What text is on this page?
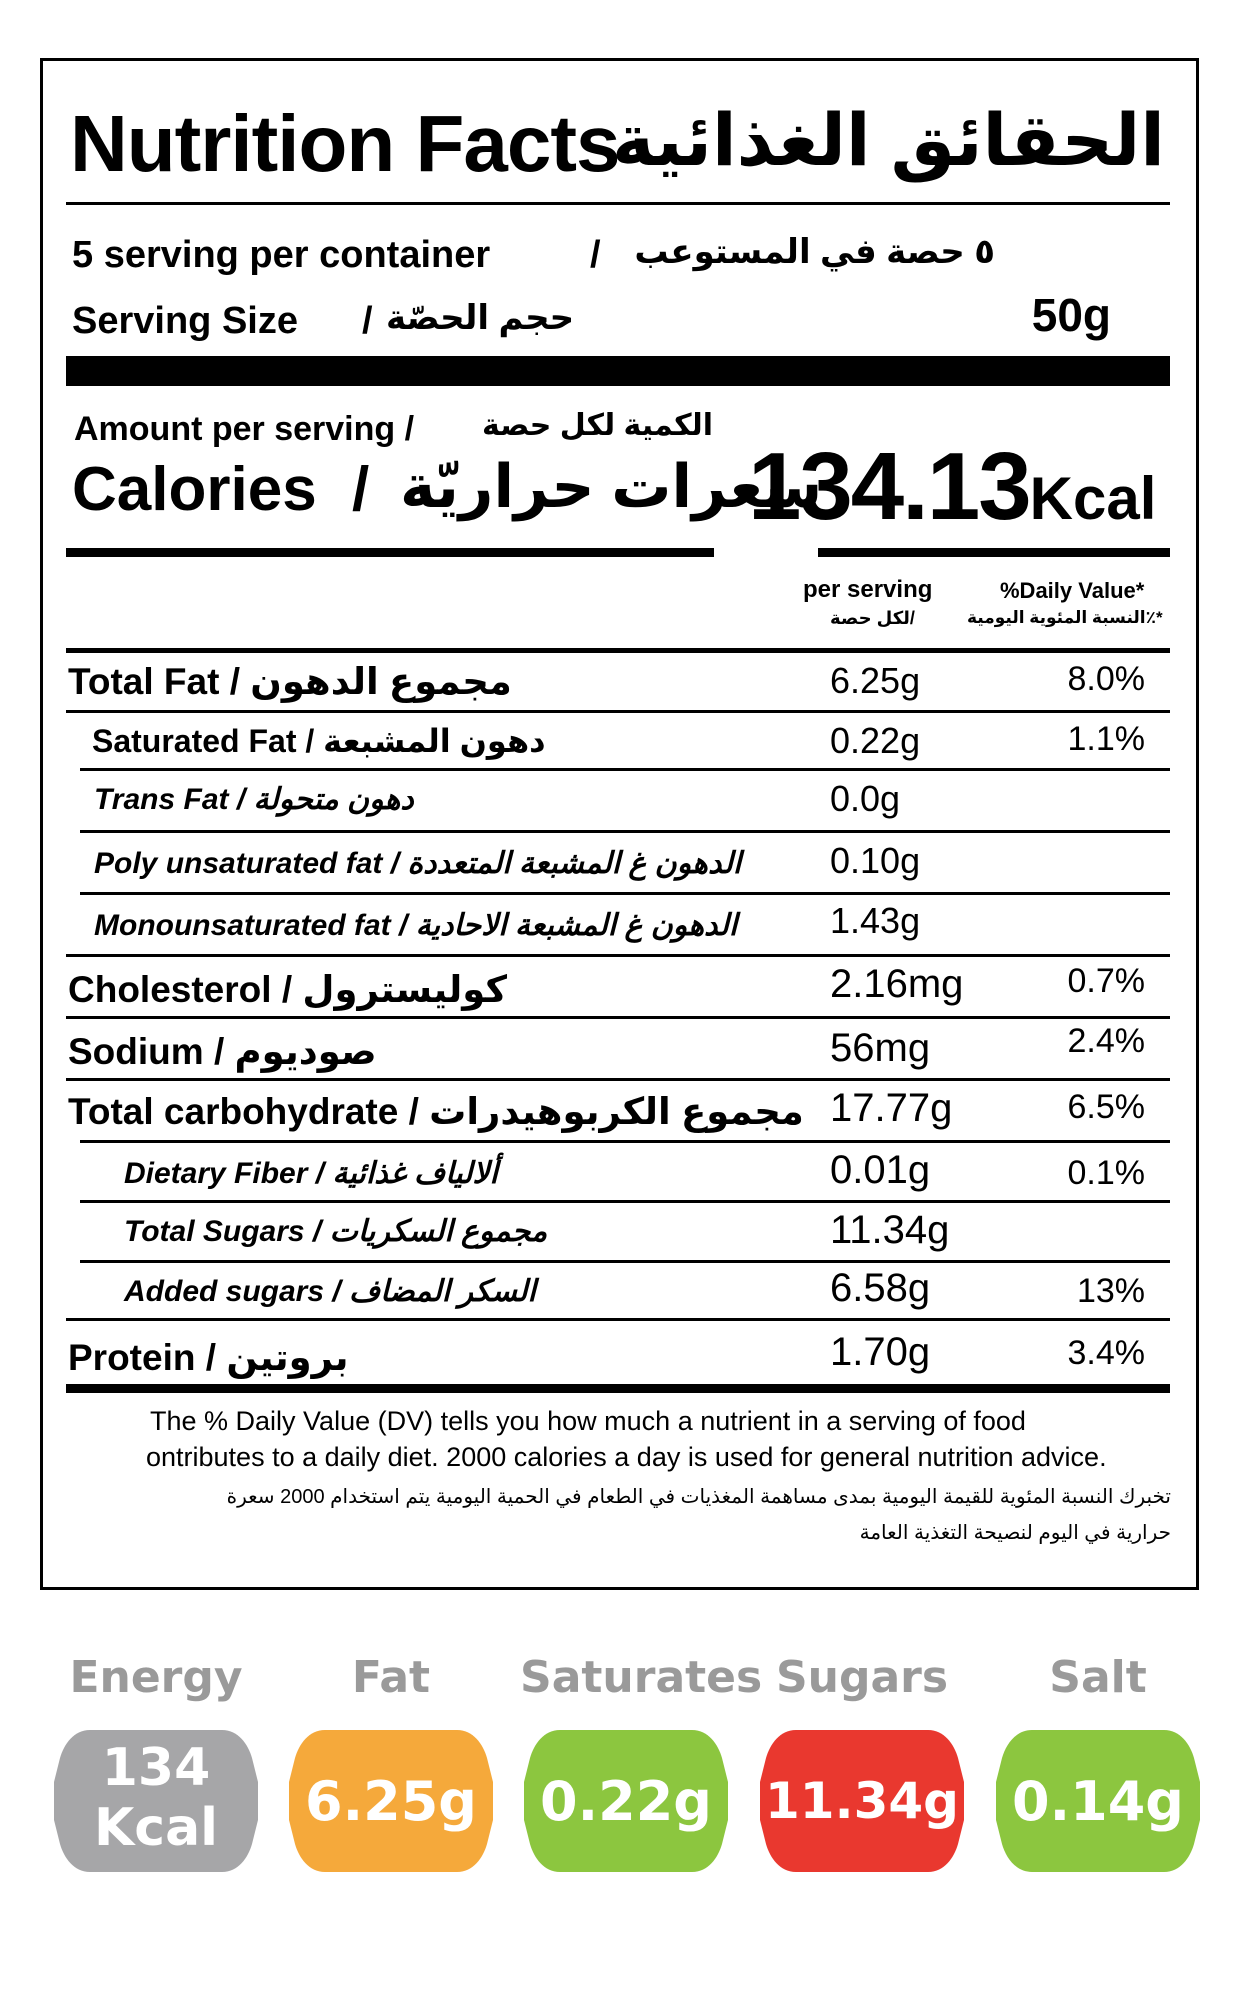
Nutrition Facts
الحقائق الغذائية
5 serving per container	/ ٥ حصة في المستوعب
Serving Size / حجم الحصّة	50g
Amount per serving / الكمية لكل حصة
Calories / سعرات حراريّة
134.13Kcal
per serving
لكل حصة/
%Daily Value*
النسبة المئوية اليومية٪*
Total Fat / مجموع الدهون	6.25g	8.0%
Saturated Fat / دهون المشبعة	0.22g	1.1%
Trans Fat / دهون متحولة	0.0g
Poly unsaturated fat / الدهون غ المشبعة المتعددة 0.10g
Monounsaturated fat / الدهون غ المشبعة الاحادية	1.43g
Cholesterol / كوليسترول	2.16mg	0.7%
Sodium / صوديوم	56mg	2.4%
Total carbohydrate / مجموع الكربوهيدرات 17.77g	6.5%
Dietary Fiber / ألالياف غذائية	0.01g	0.1%
Total Sugars / مجموع السكريات	11.34g
Added sugars / السكر المضاف	6.58g	13%
Protein / بروتين	1.70g	3.4%
The % Daily Value (DV) tells you how much a nutrient in a serving of food
ontributes to a daily diet. 2000 calories a day is used for general nutrition advice.
تخبرك النسبة المئوية للقيمة اليومية بمدى مساهمة المغذيات في الطعام في الحمية اليومية يتم استخدام 2000 سعرة
حرارية في اليوم لنصيحة التغذية العامة
Energy
134
Kcal
Fat
6.25g
Saturates
0.22g
Sugars
11.34g
Salt
0.14g
